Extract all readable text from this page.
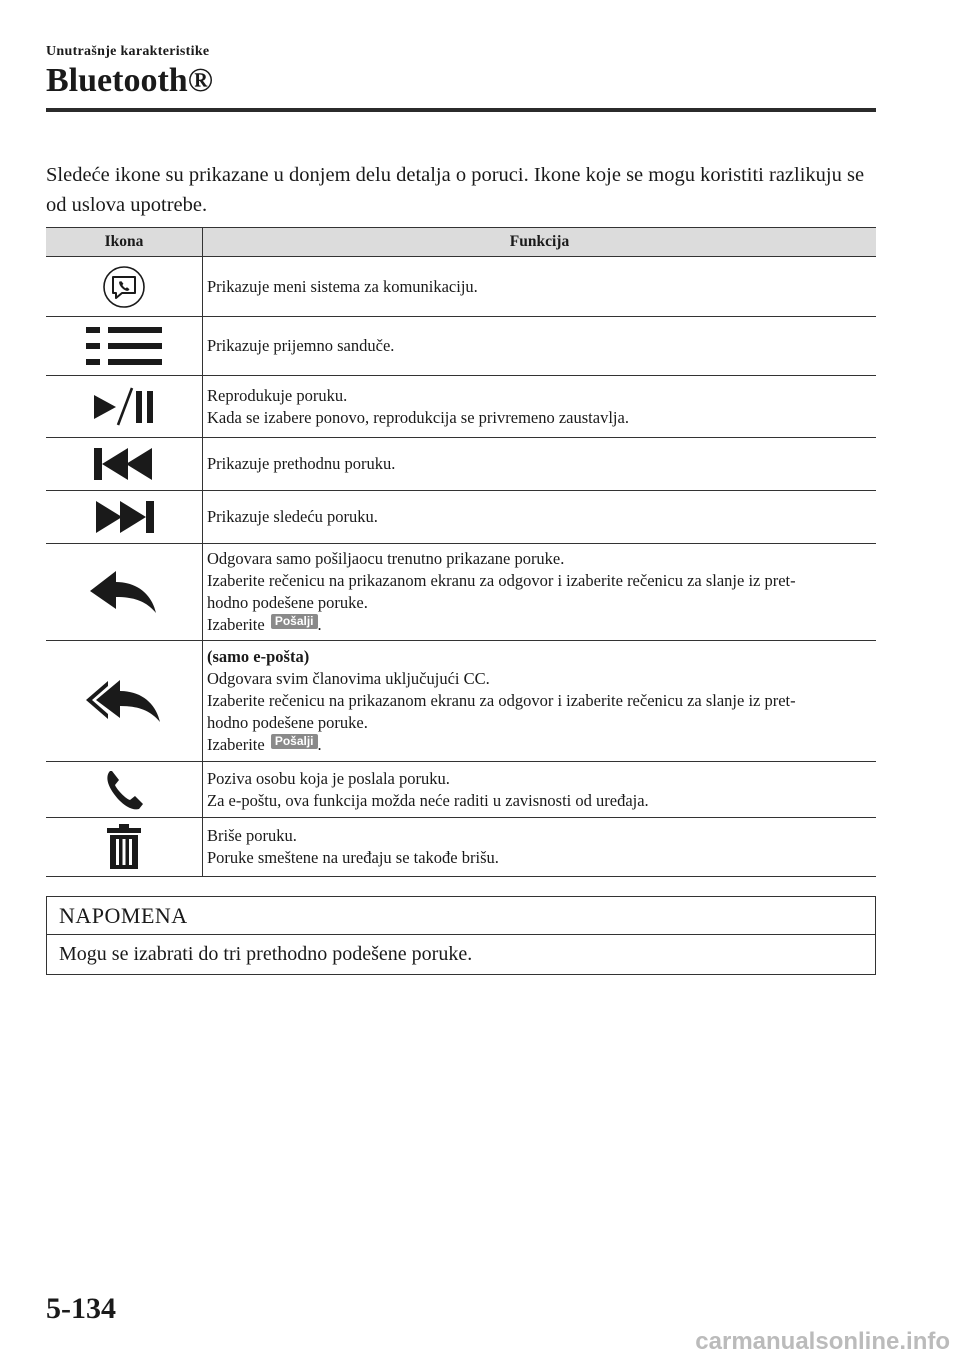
Unutrašnje karakteristike
Bluetooth®

Sledeće ikone su prikazane u donjem delu detalja o poruci. Ikone koje se mogu koristiti razlikuju se od uslova upotrebe.

Ikona	Funkcija

Prikazuje meni sistema za komunikaciju.

Prikazuje prijemno sanduče.

Reprodukuje poruku.
Kada se izabere ponovo, reprodukcija se privremeno zaustavlja.

Prikazuje prethodnu poruku.

Prikazuje sledeću poruku.

Odgovara samo pošiljaocu trenutno prikazane poruke.
Izaberite rečenicu na prikazanom ekranu za odgovor i izaberite rečenicu za slanje iz pret-
hodno podešene poruke.
Izaberite Pošalji .

(samo e-pošta)
Odgovara svim članovima uključujući CC.
Izaberite rečenicu na prikazanom ekranu za odgovor i izaberite rečenicu za slanje iz pret-
hodno podešene poruke.
Izaberite Pošalji .

Poziva osobu koja je poslala poruku.
Za e-poštu, ova funkcija možda neće raditi u zavisnosti od uređaja.

Briše poruku.
Poruke smeštene na uređaju se takođe brišu.
NAPOMENA
Mogu se izabrati do tri prethodno podešene poruke.
5-134
carmanualsonline.info
